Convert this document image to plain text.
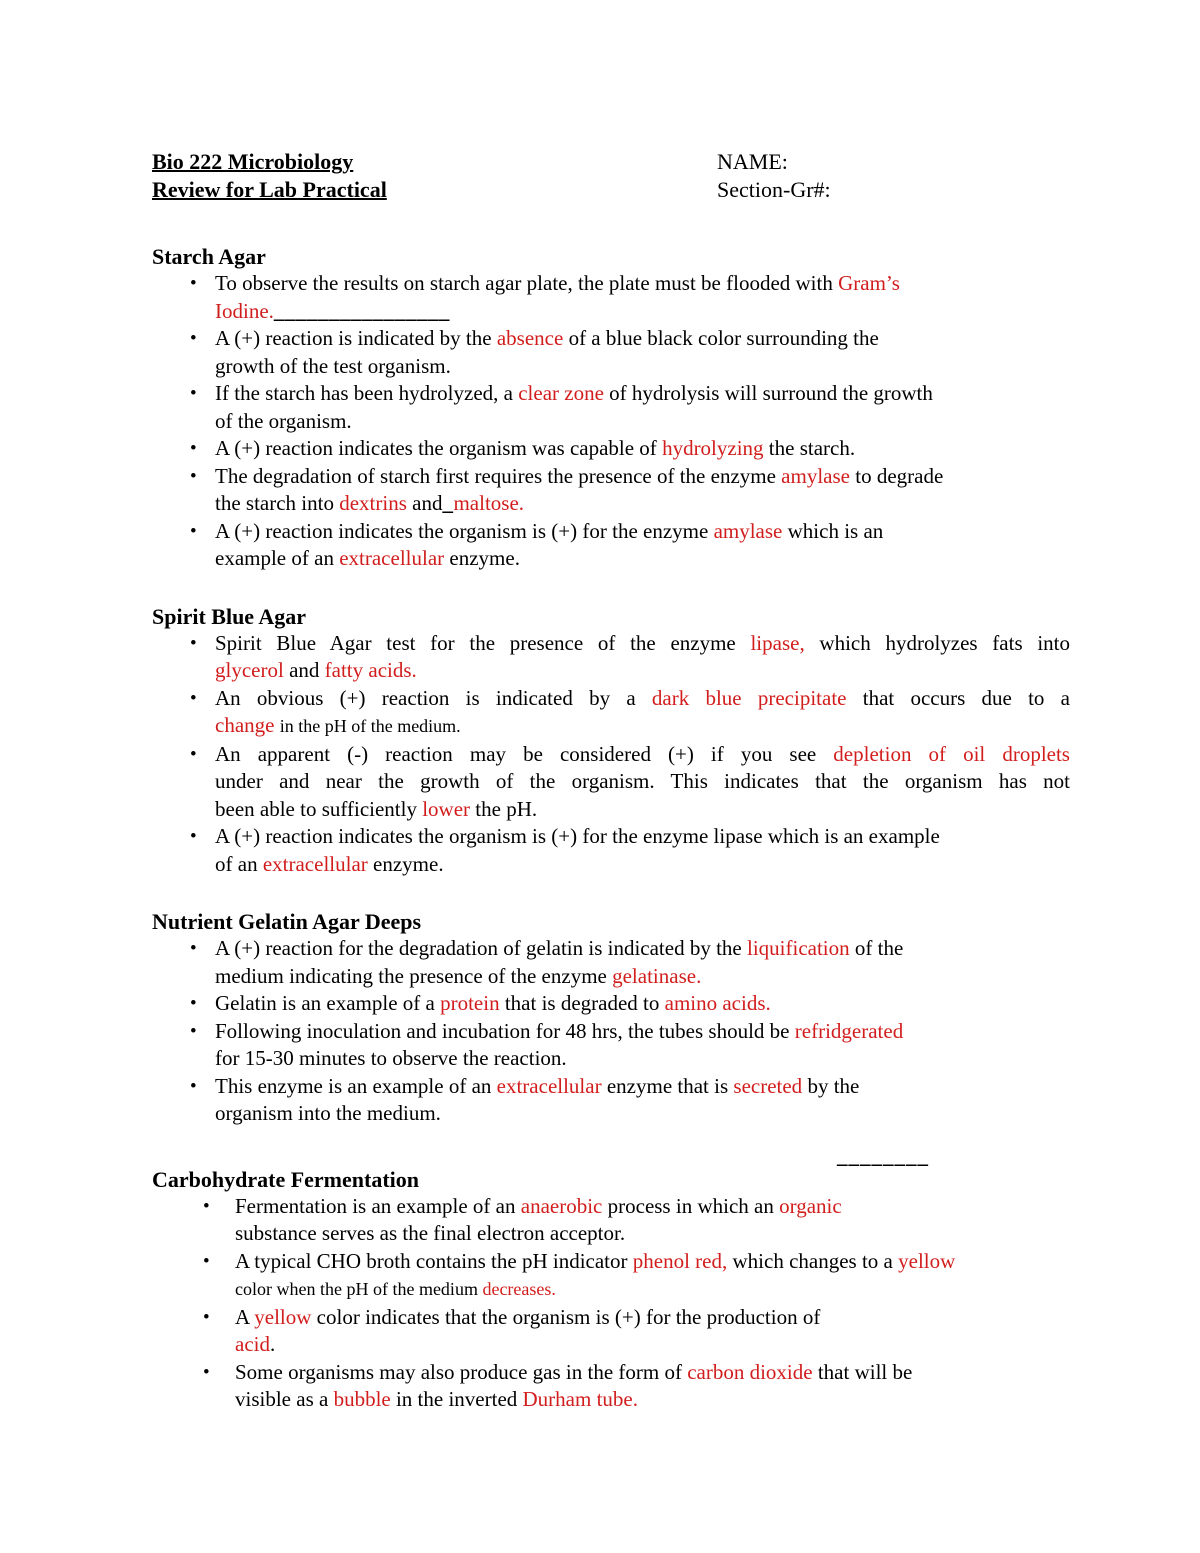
Bio 222 Microbiology
Review for Lab Practical
NAME:
Section-Gr#:
Starch Agar
• To observe the results on starch agar plate, the plate must be flooded with Gram’s
Iodine.________________
• A (+) reaction is indicated by the absence of a blue black color surrounding the
growth of the test organism.
• If the starch has been hydrolyzed, a clear zone of hydrolysis will surround the growth
of the organism.
• A (+) reaction indicates the organism was capable of hydrolyzing the starch.
• The degradation of starch first requires the presence of the enzyme amylase to degrade
the starch into dextrins and_maltose.
• A (+) reaction indicates the organism is (+) for the enzyme amylase which is an
example of an extracellular enzyme.
Spirit Blue Agar
• Spirit Blue Agar test for the presence of the enzyme lipase, which hydrolyzes fats into
glycerol and fatty acids.
• An obvious (+) reaction is indicated by a dark blue precipitate that occurs due to a
change in the pH of the medium.
• An apparent (-) reaction may be considered (+) if you see depletion of oil droplets
under and near the growth of the organism. This indicates that the organism has not
been able to sufficiently lower the pH.
• A (+) reaction indicates the organism is (+) for the enzyme lipase which is an example
of an extracellular enzyme.
Nutrient Gelatin Agar Deeps
• A (+) reaction for the degradation of gelatin is indicated by the liquification of the
medium indicating the presence of the enzyme gelatinase.
• Gelatin is an example of a protein that is degraded to amino acids.
• Following inoculation and incubation for 48 hrs, the tubes should be refridgerated
for 15-30 minutes to observe the reaction.
• This enzyme is an example of an extracellular enzyme that is secreted by the
organism into the medium.
________
Carbohydrate Fermentation
• Fermentation is an example of an anaerobic process in which an organic
substance serves as the final electron acceptor.
• A typical CHO broth contains the pH indicator phenol red, which changes to a yellow
color when the pH of the medium decreases.
• A yellow color indicates that the organism is (+) for the production of
acid.
• Some organisms may also produce gas in the form of carbon dioxide that will be
visible as a bubble in the inverted Durham tube.
